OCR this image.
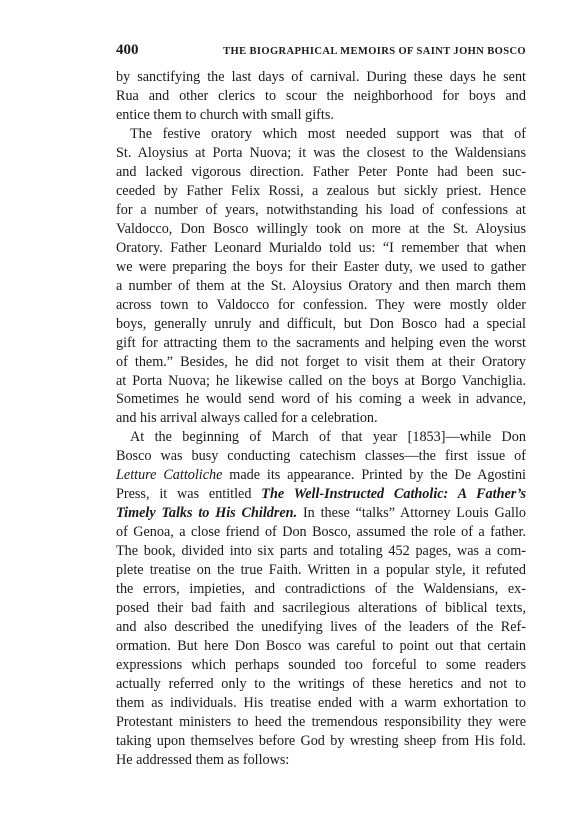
400	THE BIOGRAPHICAL MEMOIRS OF SAINT JOHN BOSCO
by sanctifying the last days of carnival. During these days he sent
Rua and other clerics to scour the neighborhood for boys and
entice them to church with small gifts.
The festive oratory which most needed support was that of
St. Aloysius at Porta Nuova; it was the closest to the Waldensians
and lacked vigorous direction. Father Peter Ponte had been suc-
ceeded by Father Felix Rossi, a zealous but sickly priest. Hence
for a number of years, notwithstanding his load of confessions at
Valdocco, Don Bosco willingly took on more at the St. Aloysius
Oratory. Father Leonard Murialdo told us: “I remember that when
we were preparing the boys for their Easter duty, we used to gather
a number of them at the St. Aloysius Oratory and then march them
across town to Valdocco for confession. They were mostly older
boys, generally unruly and difficult, but Don Bosco had a special
gift for attracting them to the sacraments and helping even the worst
of them.” Besides, he did not forget to visit them at their Oratory
at Porta Nuova; he likewise called on the boys at Borgo Vanchiglia.
Sometimes he would send word of his coming a week in advance,
and his arrival always called for a celebration.
At the beginning of March of that year [1853]—while Don
Bosco was busy conducting catechism classes—the first issue of
Letture Cattoliche made its appearance. Printed by the De Agostini
Press, it was entitled The Well-Instructed Catholic: A Father’s
Timely Talks to His Children. In these “talks” Attorney Louis Gallo
of Genoa, a close friend of Don Bosco, assumed the role of a father.
The book, divided into six parts and totaling 452 pages, was a com-
plete treatise on the true Faith. Written in a popular style, it refuted
the errors, impieties, and contradictions of the Waldensians, ex-
posed their bad faith and sacrilegious alterations of biblical texts,
and also described the unedifying lives of the leaders of the Ref-
ormation. But here Don Bosco was careful to point out that certain
expressions which perhaps sounded too forceful to some readers
actually referred only to the writings of these heretics and not to
them as individuals. His treatise ended with a warm exhortation to
Protestant ministers to heed the tremendous responsibility they were
taking upon themselves before God by wresting sheep from His fold.
He addressed them as follows:
